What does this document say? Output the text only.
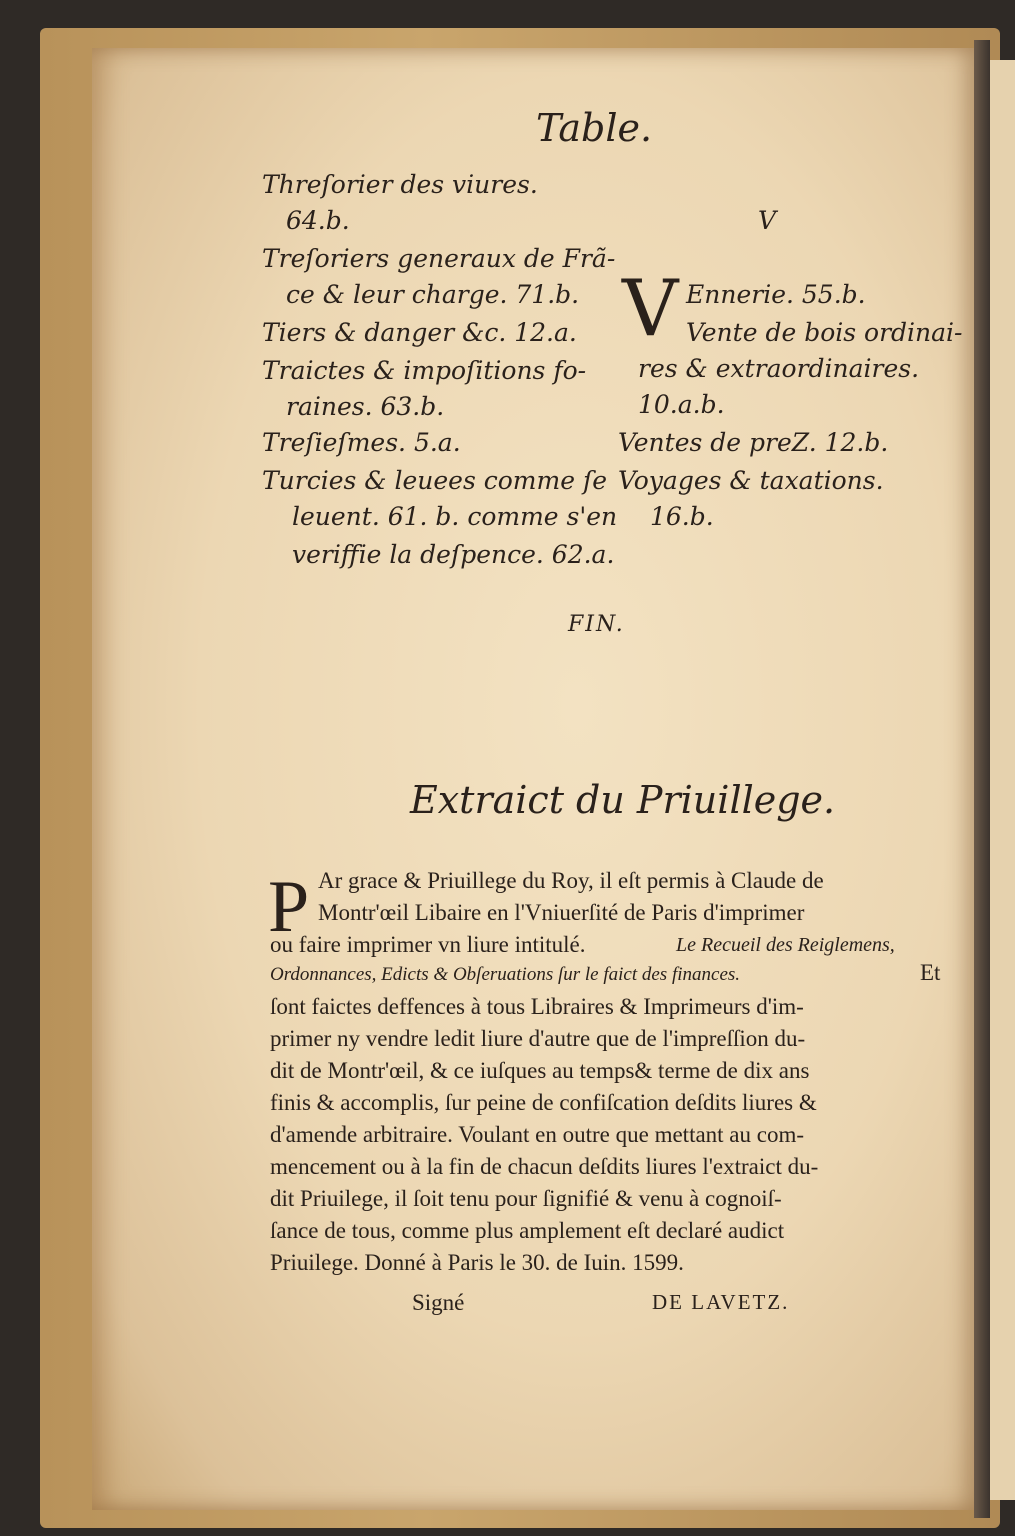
Table.
Threſorier des viures.
64.b.
Treſoriers generaux de Frã-
ce & leur charge. 71.b.
Tiers & danger &c. 12.a.
Traictes & impoſitions fo-
raines. 63.b.
Treſieſmes. 5.a.
Turcies & leuees comme ſe
leuent. 61. b. comme s'en
veriffie la deſpence. 62.a.
V
V Ennerie. 55.b.
Vente de bois ordinai-
res & extraordinaires.
10.a.b.
Ventes de preZ. 12.b.
Voyages & taxations.
16.b.
FIN.
Extraict du Priuillege.
P Ar grace & Priuillege du Roy, il eſt permis à Claude de
Montr'œil Libaire en l'Vniuerſité de Paris d'imprimer
ou faire imprimer vn liure intitulé.	Le Recueil des Reiglemens,
Ordonnances, Edicts & Obſeruations ſur le faict des finances.	Et
ſont faictes deffences à tous Libraires & Imprimeurs d'im-
primer ny vendre ledit liure d'autre que de l'impreſſion du-
dit de Montr'œil, & ce iuſques au temps& terme de dix ans
finis & accomplis, ſur peine de confiſcation deſdits liures &
d'amende arbitraire. Voulant en outre que mettant au com-
mencement ou à la fin de chacun deſdits liures l'extraict du-
dit Priuilege, il ſoit tenu pour ſignifié & venu à cognoiſ-
ſance de tous, comme plus amplement eſt declaré audict
Priuilege. Donné à Paris le 30. de Iuin. 1599.
Signé	DE LAVETZ.
